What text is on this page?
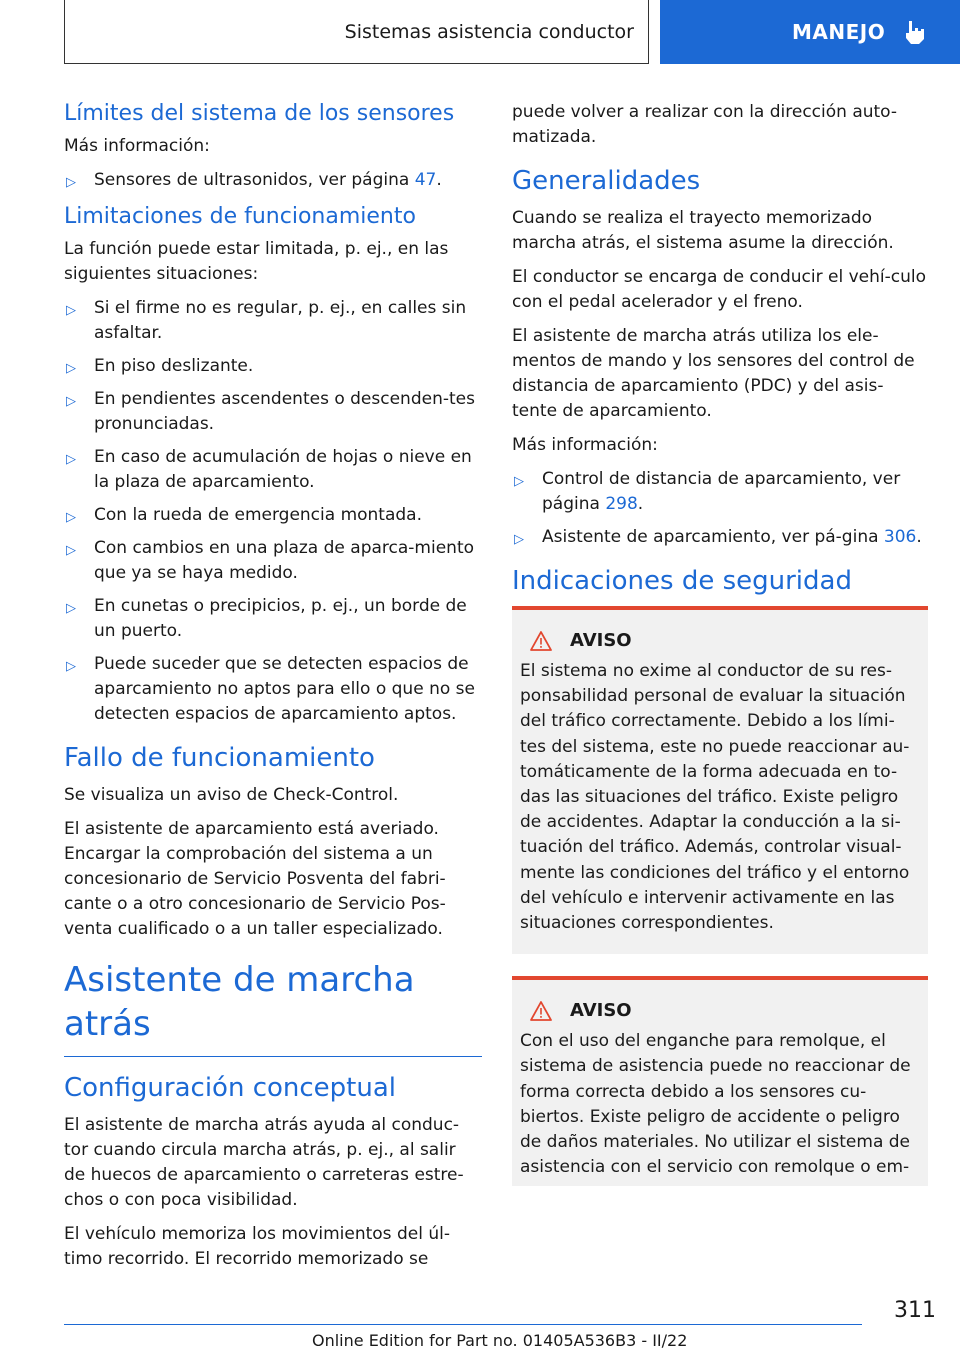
Sistemas asistencia conductor	MANEJO
Límites del sistema de los sensores

Más información:

▷ Sensores de ultrasonidos, ver página 47.
Limitaciones de funcionamiento

La función puede estar limitada, p. ej., en las siguientes situaciones:

▷ Si el firme no es regular, p. ej., en calles sin asfaltar.
▷ En piso deslizante.
▷ En pendientes ascendentes o descenden-tes pronunciadas.
▷ En caso de acumulación de hojas o nieve en la plaza de aparcamiento.
▷ Con la rueda de emergencia montada.
▷ Con cambios en una plaza de aparca-miento que ya se haya medido.
▷ En cunetas o precipicios, p. ej., un borde de un puerto.
▷ Puede suceder que se detecten espacios de aparcamiento no aptos para ello o que no se detecten espacios de aparcamiento aptos.
Fallo de funcionamiento

Se visualiza un aviso de Check-Control.

El asistente de aparcamiento está averiado. Encargar la comprobación del sistema a un concesionario de Servicio Posventa del fabri-cante o a otro concesionario de Servicio Pos-venta cualificado o a un taller especializado.

Asistente de marcha atrás
Configuración conceptual

El asistente de marcha atrás ayuda al conduc-tor cuando circula marcha atrás, p. ej., al salir de huecos de aparcamiento o carreteras estre-chos o con poca visibilidad.

El vehículo memoriza los movimientos del úl-timo recorrido. El recorrido memorizado se

puede volver a realizar con la dirección auto-matizada.

Generalidades

Cuando se realiza el trayecto memorizado marcha atrás, el sistema asume la dirección.

El conductor se encarga de conducir el vehí-culo con el pedal acelerador y el freno.

El asistente de marcha atrás utiliza los ele-mentos de mando y los sensores del control de distancia de aparcamiento (PDC) y del asis-tente de aparcamiento.

Más información:

▷ Control de distancia de aparcamiento, ver página 298.
▷ Asistente de aparcamiento, ver pá-gina 306.
Indicaciones de seguridad
AVISO

El sistema no exime al conductor de su res-ponsabilidad personal de evaluar la situación del tráfico correctamente. Debido a los lími-tes del sistema, este no puede reaccionar au-tomáticamente de la forma adecuada en to-das las situaciones del tráfico. Existe peligro de accidentes. Adaptar la conducción a la si-tuación del tráfico. Además, controlar visual-mente las condiciones del tráfico y el entorno del vehículo e intervenir activamente en las situaciones correspondientes.

AVISO

Con el uso del enganche para remolque, el sistema de asistencia puede no reaccionar de forma correcta debido a los sensores cu-biertos. Existe peligro de accidente o peligro de daños materiales. No utilizar el sistema de asistencia con el servicio con remolque o em-

311
Online Edition for Part no. 01405A536B3 - II/22
